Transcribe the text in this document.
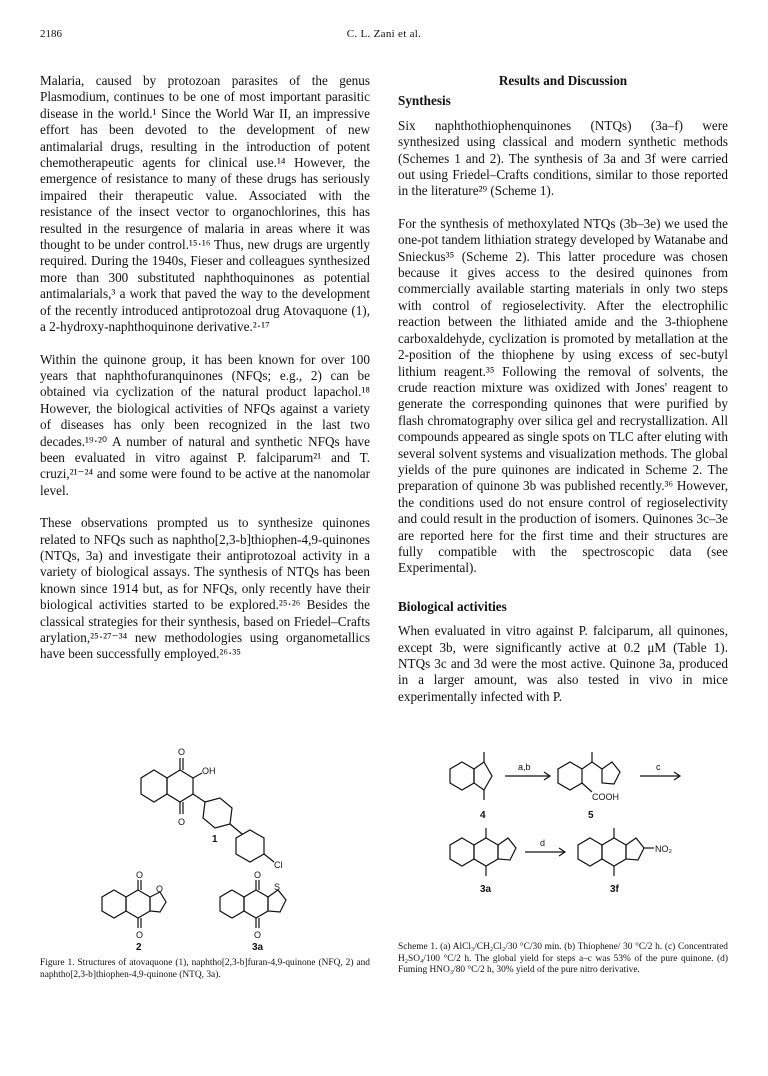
2186	C. L. Zani et al.

Malaria, caused by protozoan parasites of the genus Plasmodium, continues to be one of most important parasitic disease in the world.¹ Since the World War II, an impressive effort has been devoted to the development of new antimalarial drugs, resulting in the introduction of potent chemotherapeutic agents for clinical use.¹⁴ However, the emergence of resistance to many of these drugs has seriously impaired their therapeutic value. Associated with the resistance of the insect vector to organochlorines, this has resulted in the resurgence of malaria in areas where it was thought to be under control.¹⁵·¹⁶ Thus, new drugs are urgently required. During the 1940s, Fieser and colleagues synthesized more than 300 substituted naphthoquinones as potential antimalarials,³ a work that paved the way to the development of the recently introduced antiprotozoal drug Atovaquone (1), a 2-hydroxy-naphthoquinone derivative.²·¹⁷

Within the quinone group, it has been known for over 100 years that naphthofuranquinones (NFQs; e.g., 2) can be obtained via cyclization of the natural product lapachol.¹⁸ However, the biological activities of NFQs against a variety of diseases has only been recognized in the last two decades.¹⁹·²⁰ A number of natural and synthetic NFQs have been evaluated in vitro against P. falciparum²¹ and T. cruzi,²¹⁻²⁴ and some were found to be active at the nanomolar level.

These observations prompted us to synthesize quinones related to NFQs such as naphtho[2,3-b]thiophen-4,9-quinones (NTQs, 3a) and investigate their antiprotozoal activity in a variety of biological assays. The synthesis of NTQs has been known since 1914 but, as for NFQs, only recently have their biological activities started to be explored.²⁵·²⁶ Besides the classical strategies for their synthesis, based on Friedel–Crafts arylation,²⁵·²⁷⁻³⁴ new methodologies using organometallics have been successfully employed.²⁶·³⁵

Results and Discussion
Synthesis

Six naphthothiophenquinones (NTQs) (3a–f) were synthesized using classical and modern synthetic methods (Schemes 1 and 2). The synthesis of 3a and 3f were carried out using Friedel–Crafts conditions, similar to those reported in the literature²⁹ (Scheme 1).

For the synthesis of methoxylated NTQs (3b–3e) we used the one-pot tandem lithiation strategy developed by Watanabe and Snieckus³⁵ (Scheme 2). This latter procedure was chosen because it gives access to the desired quinones from commercially available starting materials in only two steps with control of regioselectivity. After the electrophilic reaction between the lithiated amide and the 3-thiophene carboxaldehyde, cyclization is promoted by metallation at the 2-position of the thiophene by using excess of sec-butyl lithium reagent.³⁵ Following the removal of solvents, the crude reaction mixture was oxidized with Jones' reagent to generate the corresponding quinones that were purified by flash chromatography over silica gel and recrystallization. All compounds appeared as single spots on TLC after eluting with several solvent systems and visualization methods. The global yields of the pure quinones are indicated in Scheme 2. The preparation of quinone 3b was published recently.³⁶ However, the conditions used do not ensure control of regioselectivity and could result in the production of isomers. Quinones 3c–3e are reported here for the first time and their structures are fully compatible with the spectroscopic data (see Experimental).

Biological activities

When evaluated in vitro against P. falciparum, all quinones, except 3b, were significantly active at 0.2 μM (Table 1). NTQs 3c and 3d were the most active. Quinone 3a, produced in a larger amount, was also tested in vivo in mice experimentally infected with P.

O
O
OH
Cl
O
O
O
O
O
S
1
2	3a
Figure 1. Structures of atovaquone (1), naphtho[2,3-b]furan-4,9-quinone (NFQ, 2) and naphtho[2,3-b]thiophen-4,9-quinone (NTQ, 3a).
a,b	c
d
COOH
NO₂
4	5
3a	3f
Scheme 1. (a) AlCl₃/CH₂Cl₂/30 °C/30 min. (b) Thiophene/ 30 °C/2 h. (c) Concentrated H₂SO₄/100 °C/2 h. The global yield for steps a–c was 53% of the pure quinone. (d) Fuming HNO₃/80 °C/2 h, 30% yield of the pure nitro derivative.
